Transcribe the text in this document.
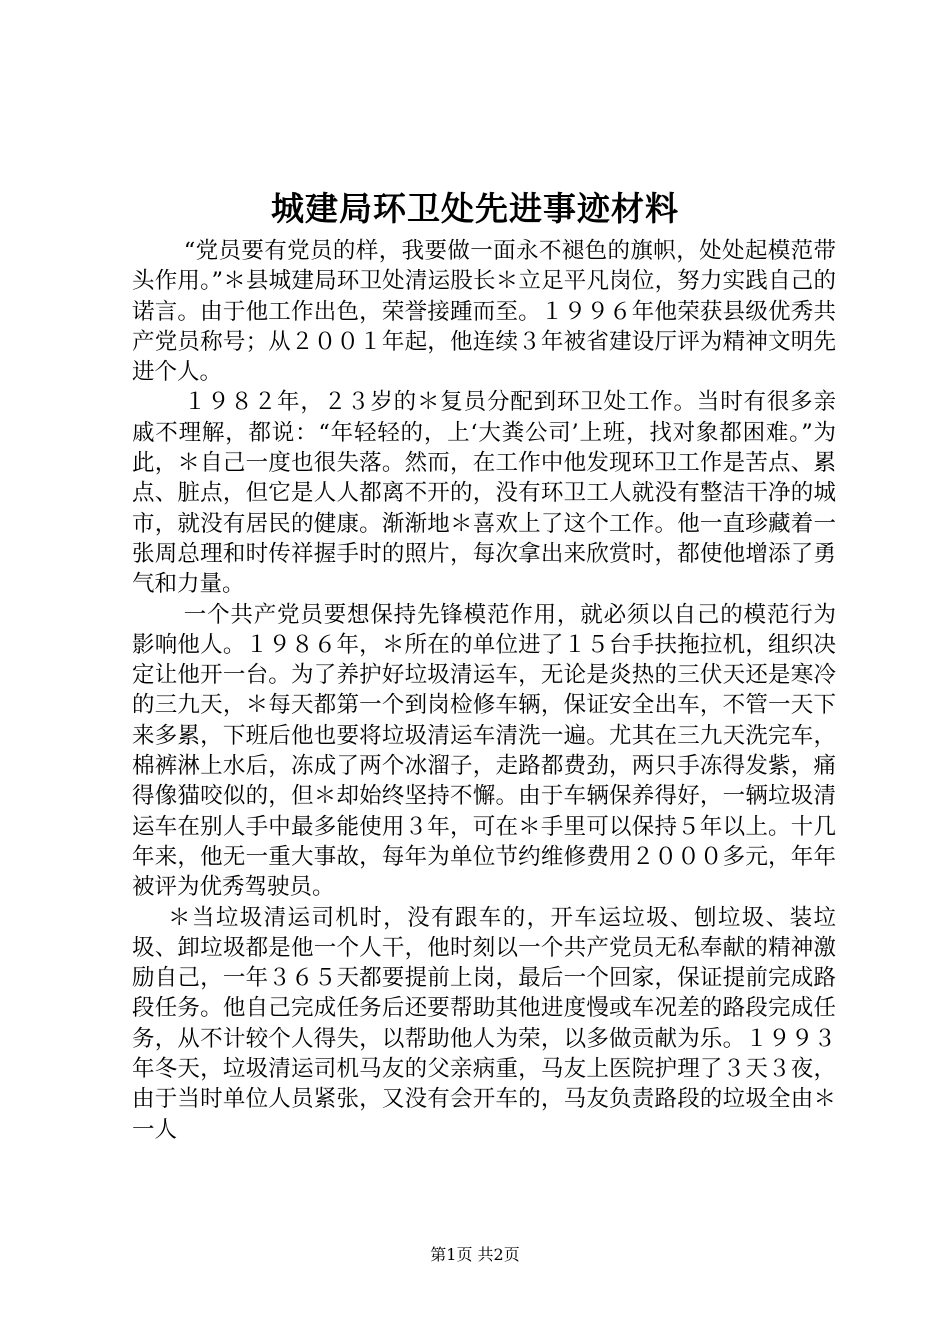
城建局环卫处先进事迹材料

“党员要有党员的样，我要做一面永不褪色的旗帜，处处起模范带头作用。”＊县城建局环卫处清运股长＊立足平凡岗位，努力实践自己的诺言。由于他工作出色，荣誉接踵而至。１９９６年他荣获县级优秀共产党员称号；从２００１年起，他连续３年被省建设厅评为精神文明先进个人。

１９８２年，２３岁的＊复员分配到环卫处工作。当时有很多亲戚不理解，都说：“年轻轻的，上‘大粪公司’上班，找对象都困难。”为此，＊自己一度也很失落。然而，在工作中他发现环卫工作是苦点、累点、脏点，但它是人人都离不开的，没有环卫工人就没有整洁干净的城市，就没有居民的健康。渐渐地＊喜欢上了这个工作。他一直珍藏着一张周总理和时传祥握手时的照片，每次拿出来欣赏时，都使他增添了勇气和力量。

一个共产党员要想保持先锋模范作用，就必须以自己的模范行为影响他人。１９８６年，＊所在的单位进了１５台手扶拖拉机，组织决定让他开一台。为了养护好垃圾清运车，无论是炎热的三伏天还是寒冷的三九天，＊每天都第一个到岗检修车辆，保证安全出车，不管一天下来多累，下班后他也要将垃圾清运车清洗一遍。尤其在三九天洗完车，棉裤淋上水后，冻成了两个冰溜子，走路都费劲，两只手冻得发紫，痛得像猫咬似的，但＊却始终坚持不懈。由于车辆保养得好，一辆垃圾清运车在别人手中最多能使用３年，可在＊手里可以保持５年以上。十几年来，他无一重大事故，每年为单位节约维修费用２０００多元，年年被评为优秀驾驶员。

＊当垃圾清运司机时，没有跟车的，开车运垃圾、刨垃圾、装垃圾、卸垃圾都是他一个人干，他时刻以一个共产党员无私奉献的精神激励自己，一年３６５天都要提前上岗，最后一个回家，保证提前完成路段任务。他自己完成任务后还要帮助其他进度慢或车况差的路段完成任务，从不计较个人得失，以帮助他人为荣，以多做贡献为乐。１９９３年冬天，垃圾清运司机马友的父亲病重，马友上医院护理了３天３夜，由于当时单位人员紧张，又没有会开车的，马友负责路段的垃圾全由＊一人

第1页 共2页
